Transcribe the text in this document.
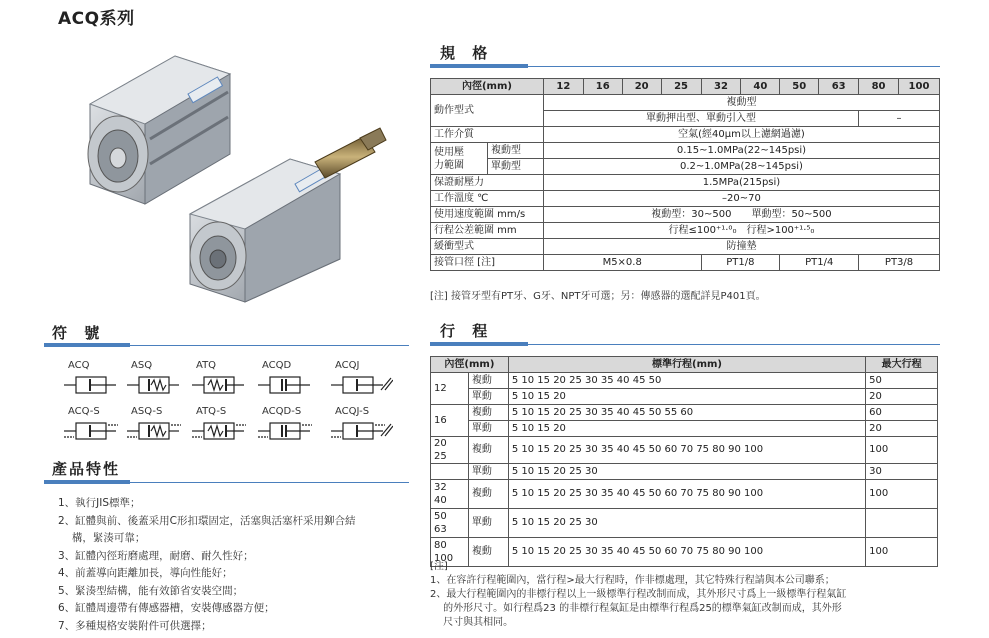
ACQ系列
規 格
內徑(mm)		12	16	20	25	32	40	50	63	80	100
動作型式		複動型									
		單動押出型、單動引入型								–	
工作介質		空氣(經40μm以上濾網過濾)									
使用壓
力範圍	複動型	0.15~1.0MPa(22~145psi)									
	單動型	0.2~1.0MPa(28~145psi)									
保證耐壓力		1.5MPa(215psi)									
工作溫度 ℃		–20~70									
使用速度範圍 mm/s		複動型：30~500　　單動型：50~500									
行程公差範圍 mm		行程≤100⁺¹·⁰₀　行程>100⁺¹·⁵₀									
緩衝型式		防撞墊									
接管口徑 [注]		M5×0.8				PT1/8		PT1/4		PT3/8	
[注] 接管牙型有PT牙、G牙、NPT牙可選；另：傳感器的選配詳見P401頁。
符 號
ACQ	ASQ	ATQ	ACQD	ACQJ
ACQ-S	ASQ-S	ATQ-S	ACQD-S	ACQJ-S
產品特性
1、執行JIS標準；
2、缸體與前、後蓋采用C形扣環固定，活塞與活塞杆采用鉚合結
　 構，緊湊可靠；
3、缸體內徑珩磨處理，耐磨、耐久性好；
4、前蓋導向距離加長，導向性能好；
5、緊湊型結構，能有效節省安裝空間；
6、缸體周邊帶有傳感器槽，安裝傳感器方便；
7、多種規格安裝附件可供選擇；
行 程
內徑(mm)		標準行程(mm)	最大行程
12	複動	5 10 15 20 25 30 35 40 45 50	50
	單動	5 10 15 20	20
16	複動	5 10 15 20 25 30 35 40 45 50 55 60	60
	單動	5 10 15 20	20
20
25	複動	5 10 15 20 25 30 35 40 45 50 60 70 75 80 90 100	100
	單動	5 10 15 20 25 30	30
32
40	複動	5 10 15 20 25 30 35 40 45 50 60 70 75 80 90 100	100
50
63	單動	5 10 15 20 25 30	
80
100	複動	5 10 15 20 25 30 35 40 45 50 60 70 75 80 90 100	100
[注]
1、在容許行程範圍內，當行程>最大行程時，作非標處理，其它特殊行程請與本公司聯系；
2、最大行程範圍內的非標行程以上一級標準行程改制而成，其外形尺寸爲上一級標準行程氣缸
　 的外形尺寸。如行程爲23 的非標行程氣缸是由標準行程爲25的標準氣缸改制而成，其外形
　 尺寸與其相同。
